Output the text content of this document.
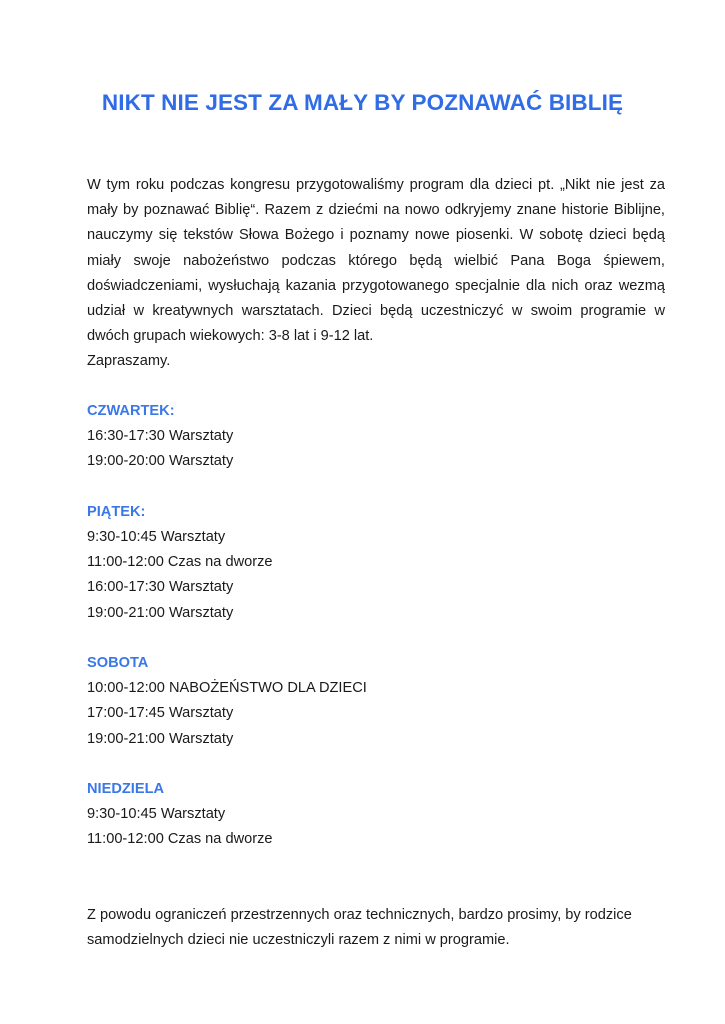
NIKT NIE JEST ZA MAŁY BY POZNAWAĆ BIBLIĘ

W tym roku podczas kongresu przygotowaliśmy program dla dzieci pt. „Nikt nie jest za mały by poznawać Biblię“. Razem z dziećmi na nowo odkryjemy znane historie Biblijne, nauczymy się tekstów Słowa Bożego i poznamy nowe piosenki. W sobotę dzieci będą miały swoje nabożeństwo podczas którego będą wielbić Pana Boga śpiewem, doświadczeniami, wysłuchają kazania przygotowanego specjalnie dla nich oraz wezmą udział w kreatywnych warsztatach. Dzieci będą uczestniczyć w swoim programie w dwóch grupach wiekowych: 3-8 lat i 9-12 lat.
Zapraszamy.

CZWARTEK:
16:30-17:30 Warsztaty
19:00-20:00 Warsztaty
PIĄTEK:
9:30-10:45 Warsztaty
11:00-12:00 Czas na dworze
16:00-17:30 Warsztaty
19:00-21:00 Warsztaty
SOBOTA
10:00-12:00 NABOŻEŃSTWO DLA DZIECI
17:00-17:45 Warsztaty
19:00-21:00 Warsztaty
NIEDZIELA
9:30-10:45 Warsztaty
11:00-12:00 Czas na dworze

Z powodu ograniczeń przestrzennych oraz technicznych, bardzo prosimy, by rodzice samodzielnych dzieci nie uczestniczyli razem z nimi w programie.
